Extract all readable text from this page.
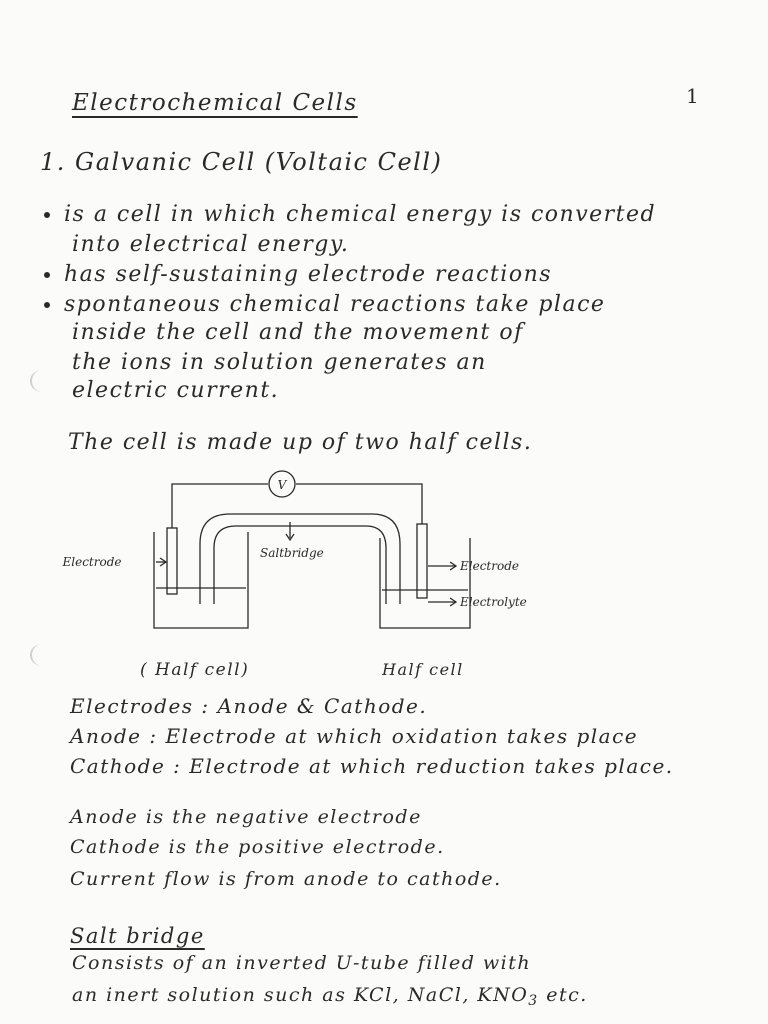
Electrochemical Cells	1
1. Galvanic Cell (Voltaic Cell)
is a cell in which chemical energy is converted
into electrical energy.
has self-sustaining electrode reactions
spontaneous chemical reactions take place
inside the cell and the movement of
the ions in solution generates an
electric current.
The cell is made up of two half cells.
V
Saltbridge
Electrode	Electrode
Electrolyte
( Half cell)	Half cell
Electrodes : Anode & Cathode.
Anode : Electrode at which oxidation takes place
Cathode : Electrode at which reduction takes place.
Anode is the negative electrode
Cathode is the positive electrode.
Current flow is from anode to cathode.
Salt bridge
Consists of an inverted U-tube filled with
an inert solution such as KCl, NaCl, $KNO_3$ etc.
